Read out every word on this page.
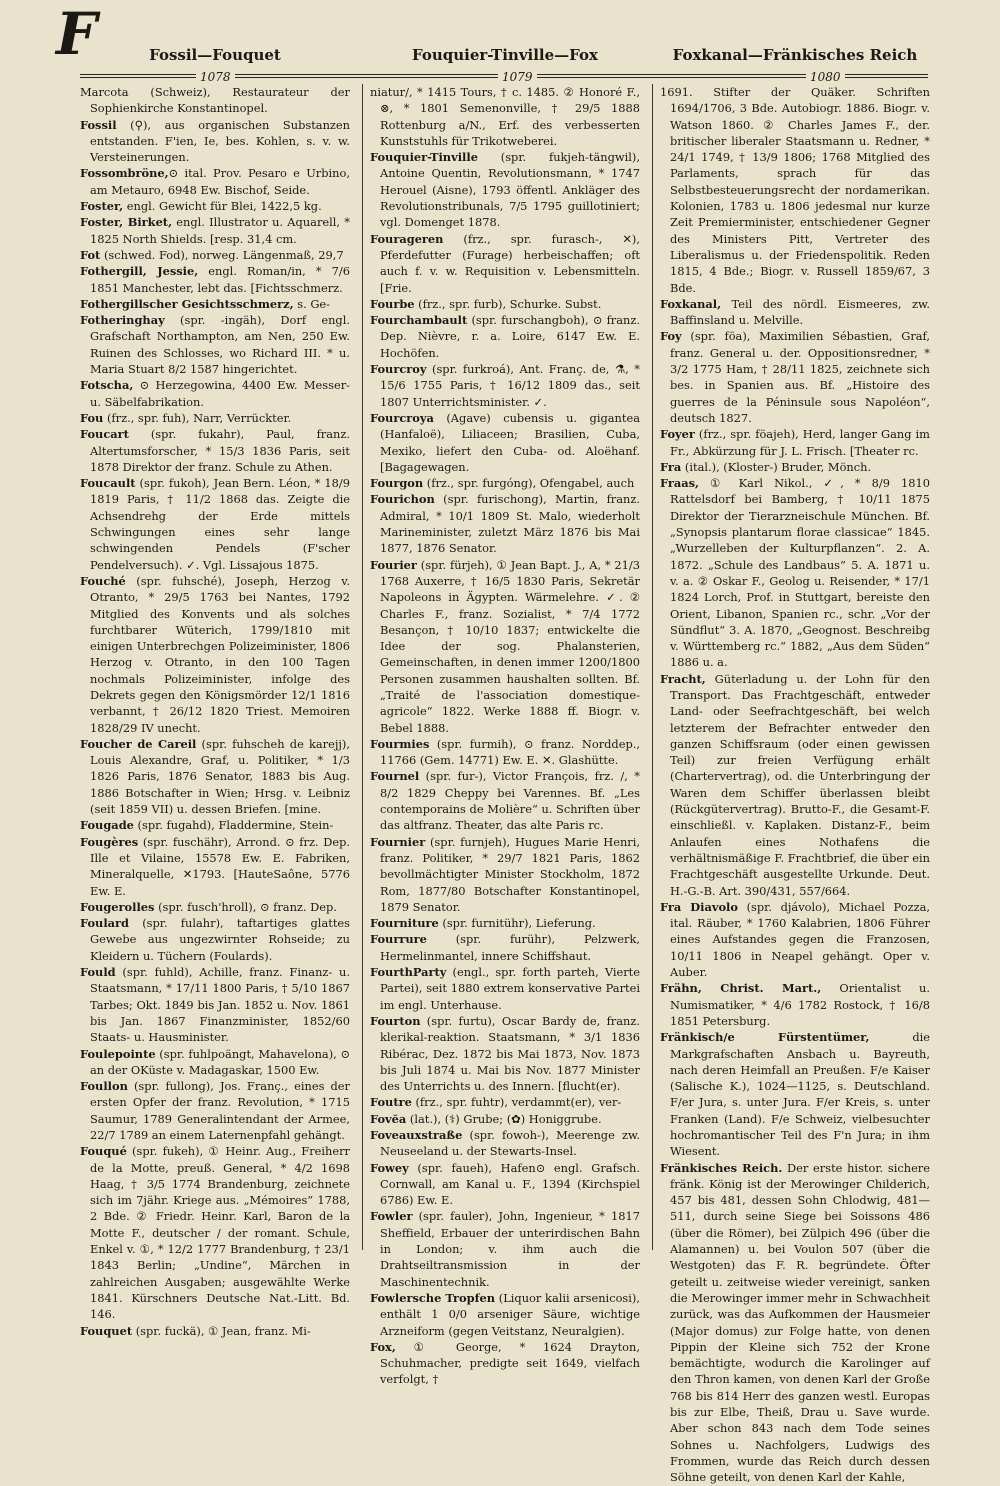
F	Fossil—Fouquet	Fouquier-Tinville—Fox	Foxkanal—Fränkisches Reich
1078	1079	1080

Marcota (Schweiz), Restaurateur der Sophienkirche Konstantinopel.

Fossil (⚲), aus organischen Substanzen entstanden. F'ien, Ie, bes. Kohlen, s. v. w. Versteinerungen.

Fossombröne,⊙ ital. Prov. Pesaro e Urbino, am Metauro, 6948 Ew. Bischof, Seide.

Foster, engl. Gewicht für Blei, 1422,5 kg.

Foster, Birket, engl. Illustrator u. Aquarell, * 1825 North Shields. [resp. 31,4 cm.

Fot (schwed. Fod), norweg. Längenmaß, 29,7

Fothergill, Jessie, engl. Roman/in, * 7/6 1851 Manchester, lebt das. [Fichtsschmerz.

Fothergillscher Gesichtsschmerz, s. Ge-

Fotheringhay (spr. -ingäh), Dorf engl. Grafschaft Northampton, am Nen, 250 Ew. Ruinen des Schlosses, wo Richard III. * u. Maria Stuart 8/2 1587 hingerichtet.

Fotscha, ⊙ Herzegowina, 4400 Ew. Messer- u. Säbelfabrikation.

Fou (frz., spr. fuh), Narr, Verrückter.

Foucart (spr. fukahr), Paul, franz. Altertumsforscher, * 15/3 1836 Paris, seit 1878 Direktor der franz. Schule zu Athen.

Foucault (spr. fukoh), Jean Bern. Léon, * 18/9 1819 Paris, † 11/2 1868 das. Zeigte die Achsendrehg der Erde mittels Schwingungen eines sehr lange schwingenden Pendels (F'scher Pendelversuch). ✓. Vgl. Lissajous 1875.

Fouché (spr. fuhsché), Joseph, Herzog v. Otranto, * 29/5 1763 bei Nantes, 1792 Mitglied des Konvents und als solches furchtbarer Wüterich, 1799/1810 mit einigen Unterbrechgen Polizeiminister, 1806 Herzog v. Otranto, in den 100 Tagen nochmals Polizeiminister, infolge des Dekrets gegen den Königsmörder 12/1 1816 verbannt, † 26/12 1820 Triest. Memoiren 1828/29 IV unecht.

Foucher de Careil (spr. fuhscheh de karejj), Louis Alexandre, Graf, u. Politiker, * 1/3 1826 Paris, 1876 Senator, 1883 bis Aug. 1886 Botschafter in Wien; Hrsg. v. Leibniz (seit 1859 VII) u. dessen Briefen. [mine.

Fougade (spr. fugahd), Fladdermine, Stein-

Fougères (spr. fuschähr), Arrond. ⊙ frz. Dep. Ille et Vilaine, 15578 Ew. E. Fabriken, Mineralquelle, ✕1793. [HauteSaône, 5776 Ew. E.

Fougerolles (spr. fusch'hroll), ⊙ franz. Dep.

Foulard (spr. fulahr), taftartiges glattes Gewebe aus ungezwirnter Rohseide; zu Kleidern u. Tüchern (Foulards).

Fould (spr. fuhld), Achille, franz. Finanz- u. Staatsmann, * 17/11 1800 Paris, † 5/10 1867 Tarbes; Okt. 1849 bis Jan. 1852 u. Nov. 1861 bis Jan. 1867 Finanzminister, 1852/60 Staats- u. Hausminister.

Foulepointe (spr. fuhlpoängt, Mahavelona), ⊙ an der OKüste v. Madagaskar, 1500 Ew.

Foullon (spr. fullong), Jos. Franç., eines der ersten Opfer der franz. Revolution, * 1715 Saumur, 1789 Generalintendant der Armee, 22/7 1789 an einem Laternenpfahl gehängt.

Fouqué (spr. fukeh), ① Heinr. Aug., Freiherr de la Motte, preuß. General, * 4/2 1698 Haag, † 3/5 1774 Brandenburg, zeichnete sich im 7jähr. Kriege aus. „Mémoires“ 1788, 2 Bde. ② Friedr. Heinr. Karl, Baron de la Motte F., deutscher / der romant. Schule, Enkel v. ①, * 12/2 1777 Brandenburg, † 23/1 1843 Berlin; „Undine“, Märchen in zahlreichen Ausgaben; ausgewählte Werke 1841. Kürschners Deutsche Nat.-Litt. Bd. 146.

Fouquet (spr. fuckä), ① Jean, franz. Mi-

niatur/, * 1415 Tours, † c. 1485. ② Honoré F., ⊗, * 1801 Semenonville, † 29/5 1888 Rottenburg a/N., Erf. des verbesserten Kunststuhls für Trikotweberei.

Fouquier-Tinville (spr. fukjeh-tängwil), Antoine Quentin, Revolutionsmann, * 1747 Herouel (Aisne), 1793 öffentl. Ankläger des Revolutionstribunals, 7/5 1795 guillotiniert; vgl. Domenget 1878.

Fourageren (frz., spr. furasch-, ✕), Pferdefutter (Furage) herbeischaffen; oft auch f. v. w. Requisition v. Lebensmitteln. [Frie.

Fourbe (frz., spr. furb), Schurke. Subst.

Fourchambault (spr. furschangboh), ⊙ franz. Dep. Nièvre, r. a. Loire, 6147 Ew. E. Hochöfen.

Fourcroy (spr. furkroá), Ant. Franç. de, ⚗, * 15/6 1755 Paris, † 16/12 1809 das., seit 1807 Unterrichtsminister. ✓.

Fourcroya (Agave) cubensis u. gigantea (Hanfaloë), Liliaceen; Brasilien, Cuba, Mexiko, liefert den Cuba- od. Aloëhanf. [Bagagewagen.

Fourgon (frz., spr. furgóng), Ofengabel, auch

Fourichon (spr. furischong), Martin, franz. Admiral, * 10/1 1809 St. Malo, wiederholt Marineminister, zuletzt März 1876 bis Mai 1877, 1876 Senator.

Fourier (spr. fürjeh), ① Jean Bapt. J., A, * 21/3 1768 Auxerre, † 16/5 1830 Paris, Sekretär Napoleons in Ägypten. Wärmelehre. ✓. ② Charles F., franz. Sozialist, * 7/4 1772 Besançon, † 10/10 1837; entwickelte die Idee der sog. Phalansterien, Gemeinschaften, in denen immer 1200/1800 Personen zusammen haushalten sollten. Bf. „Traité de l'association domestique-agricole“ 1822. Werke 1888 ff. Biogr. v. Bebel 1888.

Fourmies (spr. furmih), ⊙ franz. Norddep., 11766 (Gem. 14771) Ew. E. ✕. Glashütte.

Fournel (spr. fur-), Victor François, frz. /, * 8/2 1829 Cheppy bei Varennes. Bf. „Les contemporains de Molière“ u. Schriften über das altfranz. Theater, das alte Paris rc.

Fournier (spr. furnjeh), Hugues Marie Henri, franz. Politiker, * 29/7 1821 Paris, 1862 bevollmächtigter Minister Stockholm, 1872 Rom, 1877/80 Botschafter Konstantinopel, 1879 Senator.

Fourniture (spr. furnitühr), Lieferung.

Fourrure (spr. furühr), Pelzwerk, Hermelinmantel, innere Schiffshaut.

FourthParty (engl., spr. forth parteh, Vierte Partei), seit 1880 extrem konservative Partei im engl. Unterhause.

Fourton (spr. furtu), Oscar Bardy de, franz. klerikal-reaktion. Staatsmann, * 3/1 1836 Ribérac, Dez. 1872 bis Mai 1873, Nov. 1873 bis Juli 1874 u. Mai bis Nov. 1877 Minister des Unterrichts u. des Innern. [flucht(er).

Foutre (frz., spr. fuhtr), verdammt(er), ver-

Fovĕa (lat.), (⚕) Grube; (✿) Honiggrube.

Foveauxstraße (spr. fowoh-), Meerenge zw. Neuseeland u. der Stewarts-Insel.

Fowey (spr. faueh), Hafen⊙ engl. Grafsch. Cornwall, am Kanal u. F., 1394 (Kirchspiel 6786) Ew. E.

Fowler (spr. fauler), John, Ingenieur, * 1817 Sheffield, Erbauer der unterirdischen Bahn in London; v. ihm auch die Drahtseiltransmission in der Maschinentechnik.

Fowlersche Tropfen (Liquor kalii arsenicosi), enthält 1 0/0 arseniger Säure, wichtige Arzneiform (gegen Veitstanz, Neuralgien).

Fox, ① George, * 1624 Drayton, Schuhmacher, predigte seit 1649, vielfach verfolgt, †

1691. Stifter der Quäker. Schriften 1694/1706, 3 Bde. Autobiogr. 1886. Biogr. v. Watson 1860. ② Charles James F., der. britischer liberaler Staatsmann u. Redner, * 24/1 1749, † 13/9 1806; 1768 Mitglied des Parlaments, sprach für das Selbstbesteuerungsrecht der nordamerikan. Kolonien, 1783 u. 1806 jedesmal nur kurze Zeit Premierminister, entschiedener Gegner des Ministers Pitt, Vertreter des Liberalismus u. der Friedenspolitik. Reden 1815, 4 Bde.; Biogr. v. Russell 1859/67, 3 Bde.

Foxkanal, Teil des nördl. Eismeeres, zw. Baffinsland u. Melville.

Foy (spr. föa), Maximilien Sébastien, Graf, franz. General u. der. Oppositionsredner, * 3/2 1775 Ham, † 28/11 1825, zeichnete sich bes. in Spanien aus. Bf. „Histoire des guerres de la Péninsule sous Napoléon“, deutsch 1827.

Foyer (frz., spr. föajeh), Herd, langer Gang im Fr., Abkürzung für J. L. Frisch. [Theater rc.

Fra (ital.), (Kloster-) Bruder, Mönch.

Fraas, ① Karl Nikol., ✓, * 8/9 1810 Rattelsdorf bei Bamberg, † 10/11 1875 Direktor der Tierarzneischule München. Bf. „Synopsis plantarum florae classicae“ 1845. „Wurzelleben der Kulturpflanzen“. 2. A. 1872. „Schule des Landbaus“ 5. A. 1871 u. v. a. ② Oskar F., Geolog u. Reisender, * 17/1 1824 Lorch, Prof. in Stuttgart, bereiste den Orient, Libanon, Spanien rc., schr. „Vor der Sündflut“ 3. A. 1870, „Geognost. Beschreibg v. Württemberg rc.“ 1882, „Aus dem Süden“ 1886 u. a.

Fracht, Güterladung u. der Lohn für den Transport. Das Frachtgeschäft, entweder Land- oder Seefrachtgeschäft, bei welch letzterem der Befrachter entweder den ganzen Schiffsraum (oder einen gewissen Teil) zur freien Verfügung erhält (Chartervertrag), od. die Unterbringung der Waren dem Schiffer überlassen bleibt (Rückgütervertrag). Brutto-F., die Gesamt-F. einschließl. v. Kaplaken. Distanz-F., beim Anlaufen eines Nothafens die verhältnismäßige F. Frachtbrief, die über ein Frachtgeschäft ausgestellte Urkunde. Deut. H.-G.-B. Art. 390/431, 557/664.

Fra Diavolo (spr. djávolo), Michael Pozza, ital. Räuber, * 1760 Kalabrien, 1806 Führer eines Aufstandes gegen die Franzosen, 10/11 1806 in Neapel gehängt. Oper v. Auber.

Frähn, Christ. Mart., Orientalist u. Numismatiker, * 4/6 1782 Rostock, † 16/8 1851 Petersburg.

Fränkisch/e Fürstentümer, die Markgrafschaften Ansbach u. Bayreuth, nach deren Heimfall an Preußen. F/e Kaiser (Salische K.), 1024—1125, s. Deutschland. F/er Jura, s. unter Jura. F/er Kreis, s. unter Franken (Land). F/e Schweiz, vielbesuchter hochromantischer Teil des F'n Jura; in ihm Wiesent.

Fränkisches Reich. Der erste histor. sichere fränk. König ist der Merowinger Childerich, 457 bis 481, dessen Sohn Chlodwig, 481—511, durch seine Siege bei Soissons 486 (über die Römer), bei Zülpich 496 (über die Alamannen) u. bei Voulon 507 (über die Westgoten) das F. R. begründete. Öfter geteilt u. zeitweise wieder vereinigt, sanken die Merowinger immer mehr in Schwachheit zurück, was das Aufkommen der Hausmeier (Major domus) zur Folge hatte, von denen Pippin der Kleine sich 752 der Krone bemächtigte, wodurch die Karolinger auf den Thron kamen, von denen Karl der Große 768 bis 814 Herr des ganzen westl. Europas bis zur Elbe, Theiß, Drau u. Save wurde. Aber schon 843 nach dem Tode seines Sohnes u. Nachfolgers, Ludwigs des Frommen, wurde das Reich durch dessen Söhne geteilt, von denen Karl der Kahle,
